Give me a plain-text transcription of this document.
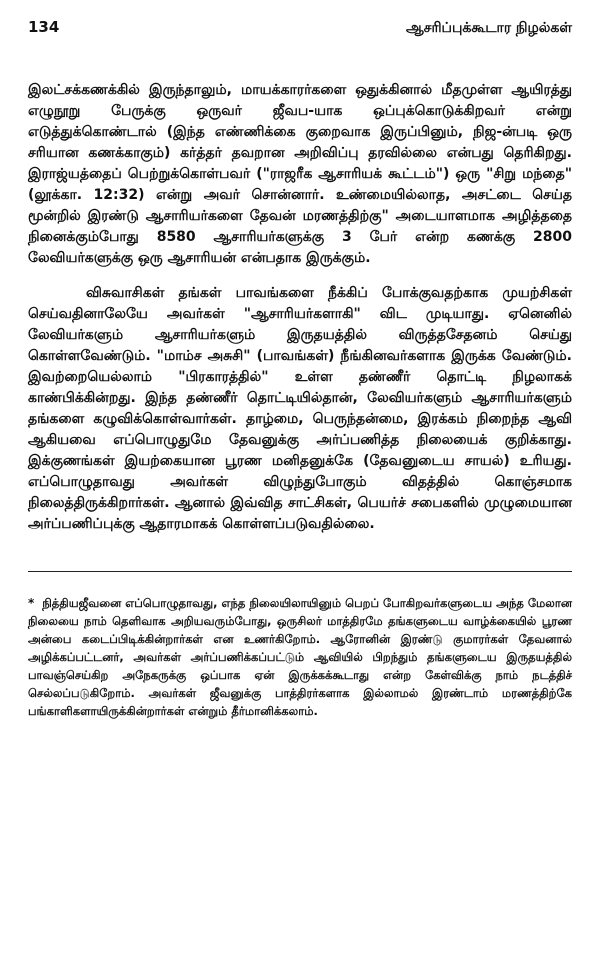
134	ஆசரிப்புக்கூடார நிழல்கள்

இலட்சக்கணக்கில் இருந்தாலும், மாயக்காரர்களை ஒதுக்கினால் மீதமுள்ள ஆயிரத்து எழுநூறு பேருக்கு ஒருவர் ஜீவப-யாக ஒப்புக்கொடுக்கிறவர் என்று எடுத்துக்கொண்டால் (இந்த எண்ணிக்கை குறைவாக இருப்பினும், நிஜ-ன்படி ஒரு சரியான கணக்காகும்) கர்த்தர் தவறான அறிவிப்பு தரவில்லை என்பது தெரிகிறது. இராஜ்யத்தைப் பெற்றுக்கொள்பவர் ("ராஜரீக ஆசாரியக் கூட்டம்") ஒரு "சிறு மந்தை" (லூக்கா. 12:32) என்று அவர் சொன்னார். உண்மையில்லாத, அசட்டை செய்த மூன்றில் இரண்டு ஆசாரியர்களை தேவன் மரணத்திற்கு" அடையாளமாக அழித்ததை நினைக்கும்போது 8580 ஆசாரியர்களுக்கு 3 பேர் என்ற கணக்கு 2800 லேவியர்களுக்கு ஒரு ஆசாரியன் என்பதாக இருக்கும்.

விசுவாசிகள் தங்கள் பாவங்களை நீக்கிப் போக்குவதற்காக முயற்சிகள் செய்வதினாலேயே அவர்கள் "ஆசாரியர்களாகி" விட முடியாது. ஏனெனில் லேவியர்களும் ஆசாரியர்களும் இருதயத்தில் விருத்தசேதனம் செய்து கொள்ளவேண்டும். "மாம்ச அசுசி" (பாவங்கள்) நீங்கினவர்களாக இருக்க வேண்டும். இவற்றையெல்லாம் "பிரகாரத்தில்" உள்ள தண்ணீர் தொட்டி நிழலாகக் காண்பிக்கின்றது. இந்த தண்ணீர் தொட்டியில்தான், லேவியர்களும் ஆசாரியர்களும் தங்களை கழுவிக்கொள்வார்கள். தாழ்மை, பெருந்தன்மை, இரக்கம் நிறைந்த ஆவி ஆகியவை எப்பொழுதுமே தேவனுக்கு அர்ப்பணித்த நிலையைக் குறிக்காது. இக்குணங்கள் இயற்கையான பூரண மனிதனுக்கே (தேவனுடைய சாயல்) உரியது. எப்பொழுதாவது அவர்கள் விழுந்துபோகும் விதத்தில் கொஞ்சமாக நிலைத்திருக்கிறார்கள். ஆனால் இவ்வித சாட்சிகள், பெயர்ச் சபைகளில் முழுமையான அர்ப்பணிப்புக்கு ஆதாரமாகக் கொள்ளப்படுவதில்லை.

* நித்தியஜீவனை எப்பொழுதாவது, எந்த நிலையிலாயினும் பெறப் போகிறவர்களுடைய அந்த மேலான நிலையை நாம் தெளிவாக அறியவரும்போது, ஒருசிலர் மாத்திரமே தங்களுடைய வாழ்க்கையில் பூரண அன்பை கடைப்பிடிக்கின்றார்கள் என உணர்கிறோம். ஆரோனின் இரண்டு குமாரர்கள் தேவனால் அழிக்கப்பட்டனர், அவர்கள் அர்ப்பணிக்கப்பட்டும் ஆவியில் பிறந்தும் தங்களுடைய இருதயத்தில் பாவஞ்செய்கிற அநேகருக்கு ஒப்பாக ஏன் இருக்கக்கூடாது என்ற கேள்விக்கு நாம் நடத்திச் செல்லப்படுகிறோம். அவர்கள் ஜீவனுக்கு பாத்திரர்களாக இல்லாமல் இரண்டாம் மரணத்திற்கே பங்காளிகளாயிருக்கின்றார்கள் என்றும் தீர்மானிக்கலாம்.
